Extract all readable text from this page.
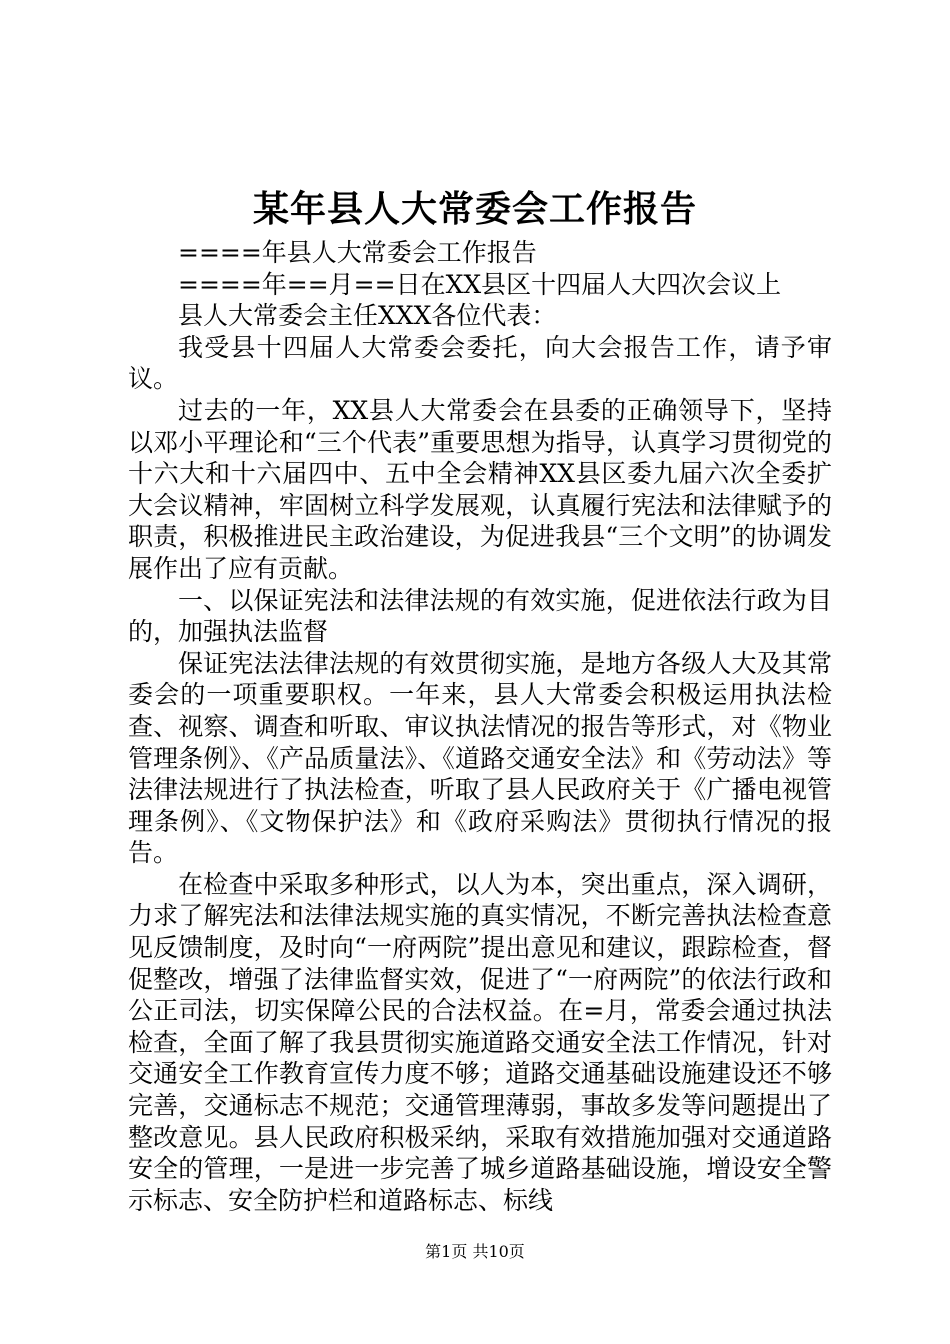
某年县人大常委会工作报告

====年县人大常委会工作报告

====年==月==日在XX县区十四届人大四次会议上

县人大常委会主任XXX各位代表：

我受县十四届人大常委会委托，向大会报告工作，请予审议。

过去的一年，XX县人大常委会在县委的正确领导下，坚持以邓小平理论和“三个代表”重要思想为指导，认真学习贯彻党的十六大和十六届四中、五中全会精神XX县区委九届六次全委扩大会议精神，牢固树立科学发展观，认真履行宪法和法律赋予的职责，积极推进民主政治建设，为促进我县“三个文明”的协调发展作出了应有贡献。

一、以保证宪法和法律法规的有效实施，促进依法行政为目的，加强执法监督

保证宪法法律法规的有效贯彻实施，是地方各级人大及其常委会的一项重要职权。一年来，县人大常委会积极运用执法检查、视察、调查和听取、审议执法情况的报告等形式，对《物业管理条例》、《产品质量法》、《道路交通安全法》和《劳动法》等法律法规进行了执法检查，听取了县人民政府关于《广播电视管理条例》、《文物保护法》和《政府采购法》贯彻执行情况的报告。

在检查中采取多种形式，以人为本，突出重点，深入调研，力求了解宪法和法律法规实施的真实情况，不断完善执法检查意见反馈制度，及时向“一府两院”提出意见和建议，跟踪检查，督促整改，增强了法律监督实效，促进了“一府两院”的依法行政和公正司法，切实保障公民的合法权益。在=月，常委会通过执法检查，全面了解了我县贯彻实施道路交通安全法工作情况，针对交通安全工作教育宣传力度不够；道路交通基础设施建设还不够完善，交通标志不规范；交通管理薄弱，事故多发等问题提出了整改意见。县人民政府积极采纳，采取有效措施加强对交通道路安全的管理，一是进一步完善了城乡道路基础设施，增设安全警示标志、安全防护栏和道路标志、标线

第1页 共10页
